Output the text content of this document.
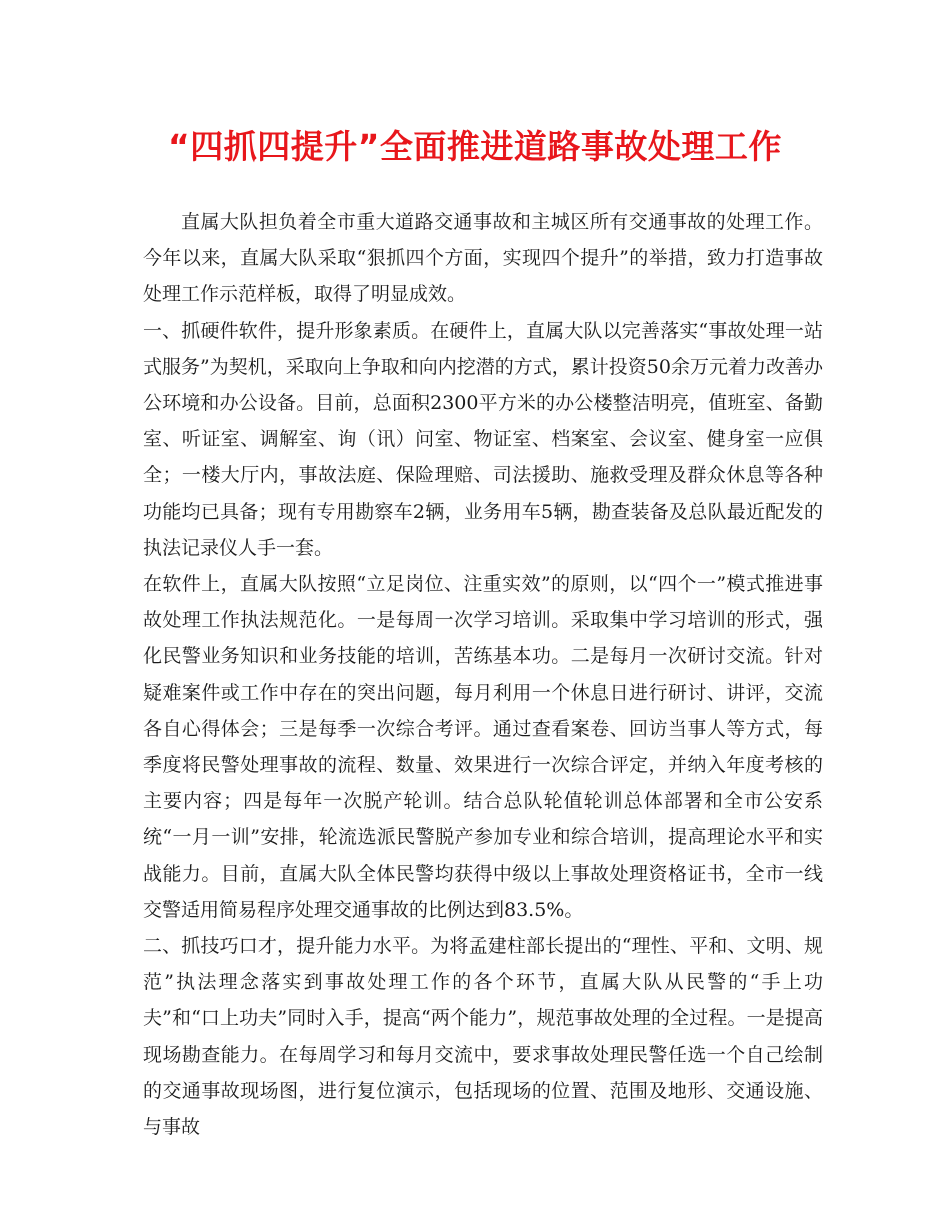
“四抓四提升”全面推进道路事故处理工作

直属大队担负着全市重大道路交通事故和主城区所有交通事故的处理工作。今年以来，直属大队采取“狠抓四个方面，实现四个提升”的举措，致力打造事故处理工作示范样板，取得了明显成效。

一、抓硬件软件，提升形象素质。在硬件上，直属大队以完善落实“事故处理一站式服务”为契机，采取向上争取和向内挖潜的方式，累计投资50余万元着力改善办公环境和办公设备。目前，总面积2300平方米的办公楼整洁明亮，值班室、备勤室、听证室、调解室、询（讯）问室、物证室、档案室、会议室、健身室一应俱全；一楼大厅内，事故法庭、保险理赔、司法援助、施救受理及群众休息等各种功能均已具备；现有专用勘察车2辆，业务用车5辆，勘查装备及总队最近配发的执法记录仪人手一套。

在软件上，直属大队按照“立足岗位、注重实效”的原则，以“四个一”模式推进事故处理工作执法规范化。一是每周一次学习培训。采取集中学习培训的形式，强化民警业务知识和业务技能的培训，苦练基本功。二是每月一次研讨交流。针对疑难案件或工作中存在的突出问题，每月利用一个休息日进行研讨、讲评，交流各自心得体会；三是每季一次综合考评。通过查看案卷、回访当事人等方式，每季度将民警处理事故的流程、数量、效果进行一次综合评定，并纳入年度考核的主要内容；四是每年一次脱产轮训。结合总队轮值轮训总体部署和全市公安系统“一月一训”安排，轮流选派民警脱产参加专业和综合培训，提高理论水平和实战能力。目前，直属大队全体民警均获得中级以上事故处理资格证书，全市一线交警适用简易程序处理交通事故的比例达到83.5%。

二、抓技巧口才，提升能力水平。为将孟建柱部长提出的“理性、平和、文明、规范”执法理念落实到事故处理工作的各个环节，直属大队从民警的“手上功夫”和“口上功夫”同时入手，提高“两个能力”，规范事故处理的全过程。一是提高现场勘查能力。在每周学习和每月交流中，要求事故处理民警任选一个自己绘制的交通事故现场图，进行复位演示，包括现场的位置、范围及地形、交通设施、与事故
